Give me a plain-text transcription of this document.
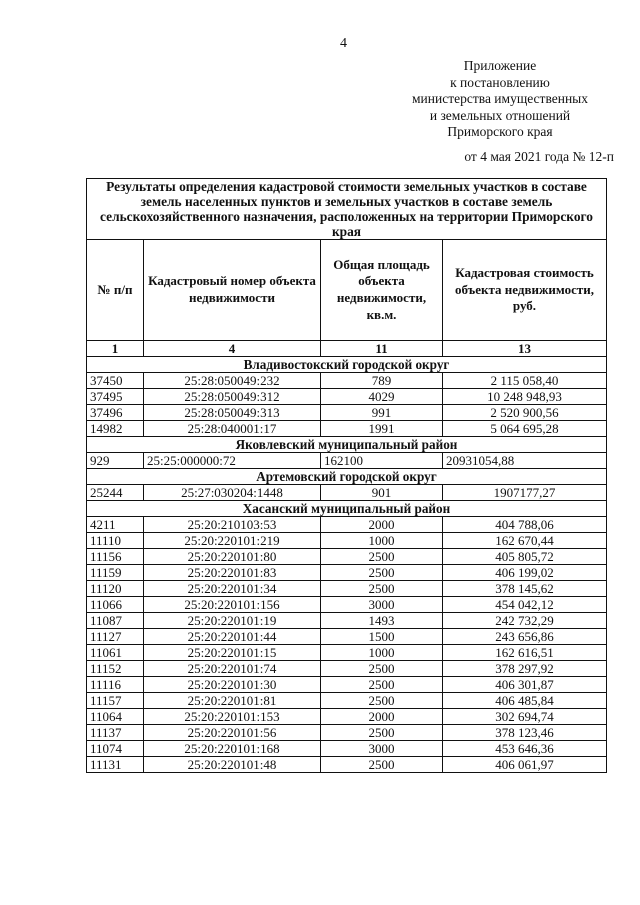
4
Приложение
к постановлению
министерства имущественных
и земельных отношений
Приморского края
от 4 мая 2021 года № 12-п
Результаты определения кадастровой стоимости земельных участков в составе земель населенных пунктов и земельных участков в составе земель сельскохозяйственного назначения, расположенных на территории Приморского края			
№ п/п	Кадастровый номер объекта недвижимости	Общая площадь объекта недвижимости, кв.м.	Кадастровая стоимость объекта недвижимости, руб.
1	4	11	13
Владивостокский городской округ			
37450	25:28:050049:232	789	2 115 058,40
37495	25:28:050049:312	4029	10 248 948,93
37496	25:28:050049:313	991	2 520 900,56
14982	25:28:040001:17	1991	5 064 695,28
Яковлевский муниципальный район			
929	25:25:000000:72	162100	20931054,88
Артемовский городской округ			
25244	25:27:030204:1448	901	1907177,27
Хасанский муниципальный район			
4211	25:20:210103:53	2000	404 788,06
11110	25:20:220101:219	1000	162 670,44
11156	25:20:220101:80	2500	405 805,72
11159	25:20:220101:83	2500	406 199,02
11120	25:20:220101:34	2500	378 145,62
11066	25:20:220101:156	3000	454 042,12
11087	25:20:220101:19	1493	242 732,29
11127	25:20:220101:44	1500	243 656,86
11061	25:20:220101:15	1000	162 616,51
11152	25:20:220101:74	2500	378 297,92
11116	25:20:220101:30	2500	406 301,87
11157	25:20:220101:81	2500	406 485,84
11064	25:20:220101:153	2000	302 694,74
11137	25:20:220101:56	2500	378 123,46
11074	25:20:220101:168	3000	453 646,36
11131	25:20:220101:48	2500	406 061,97
